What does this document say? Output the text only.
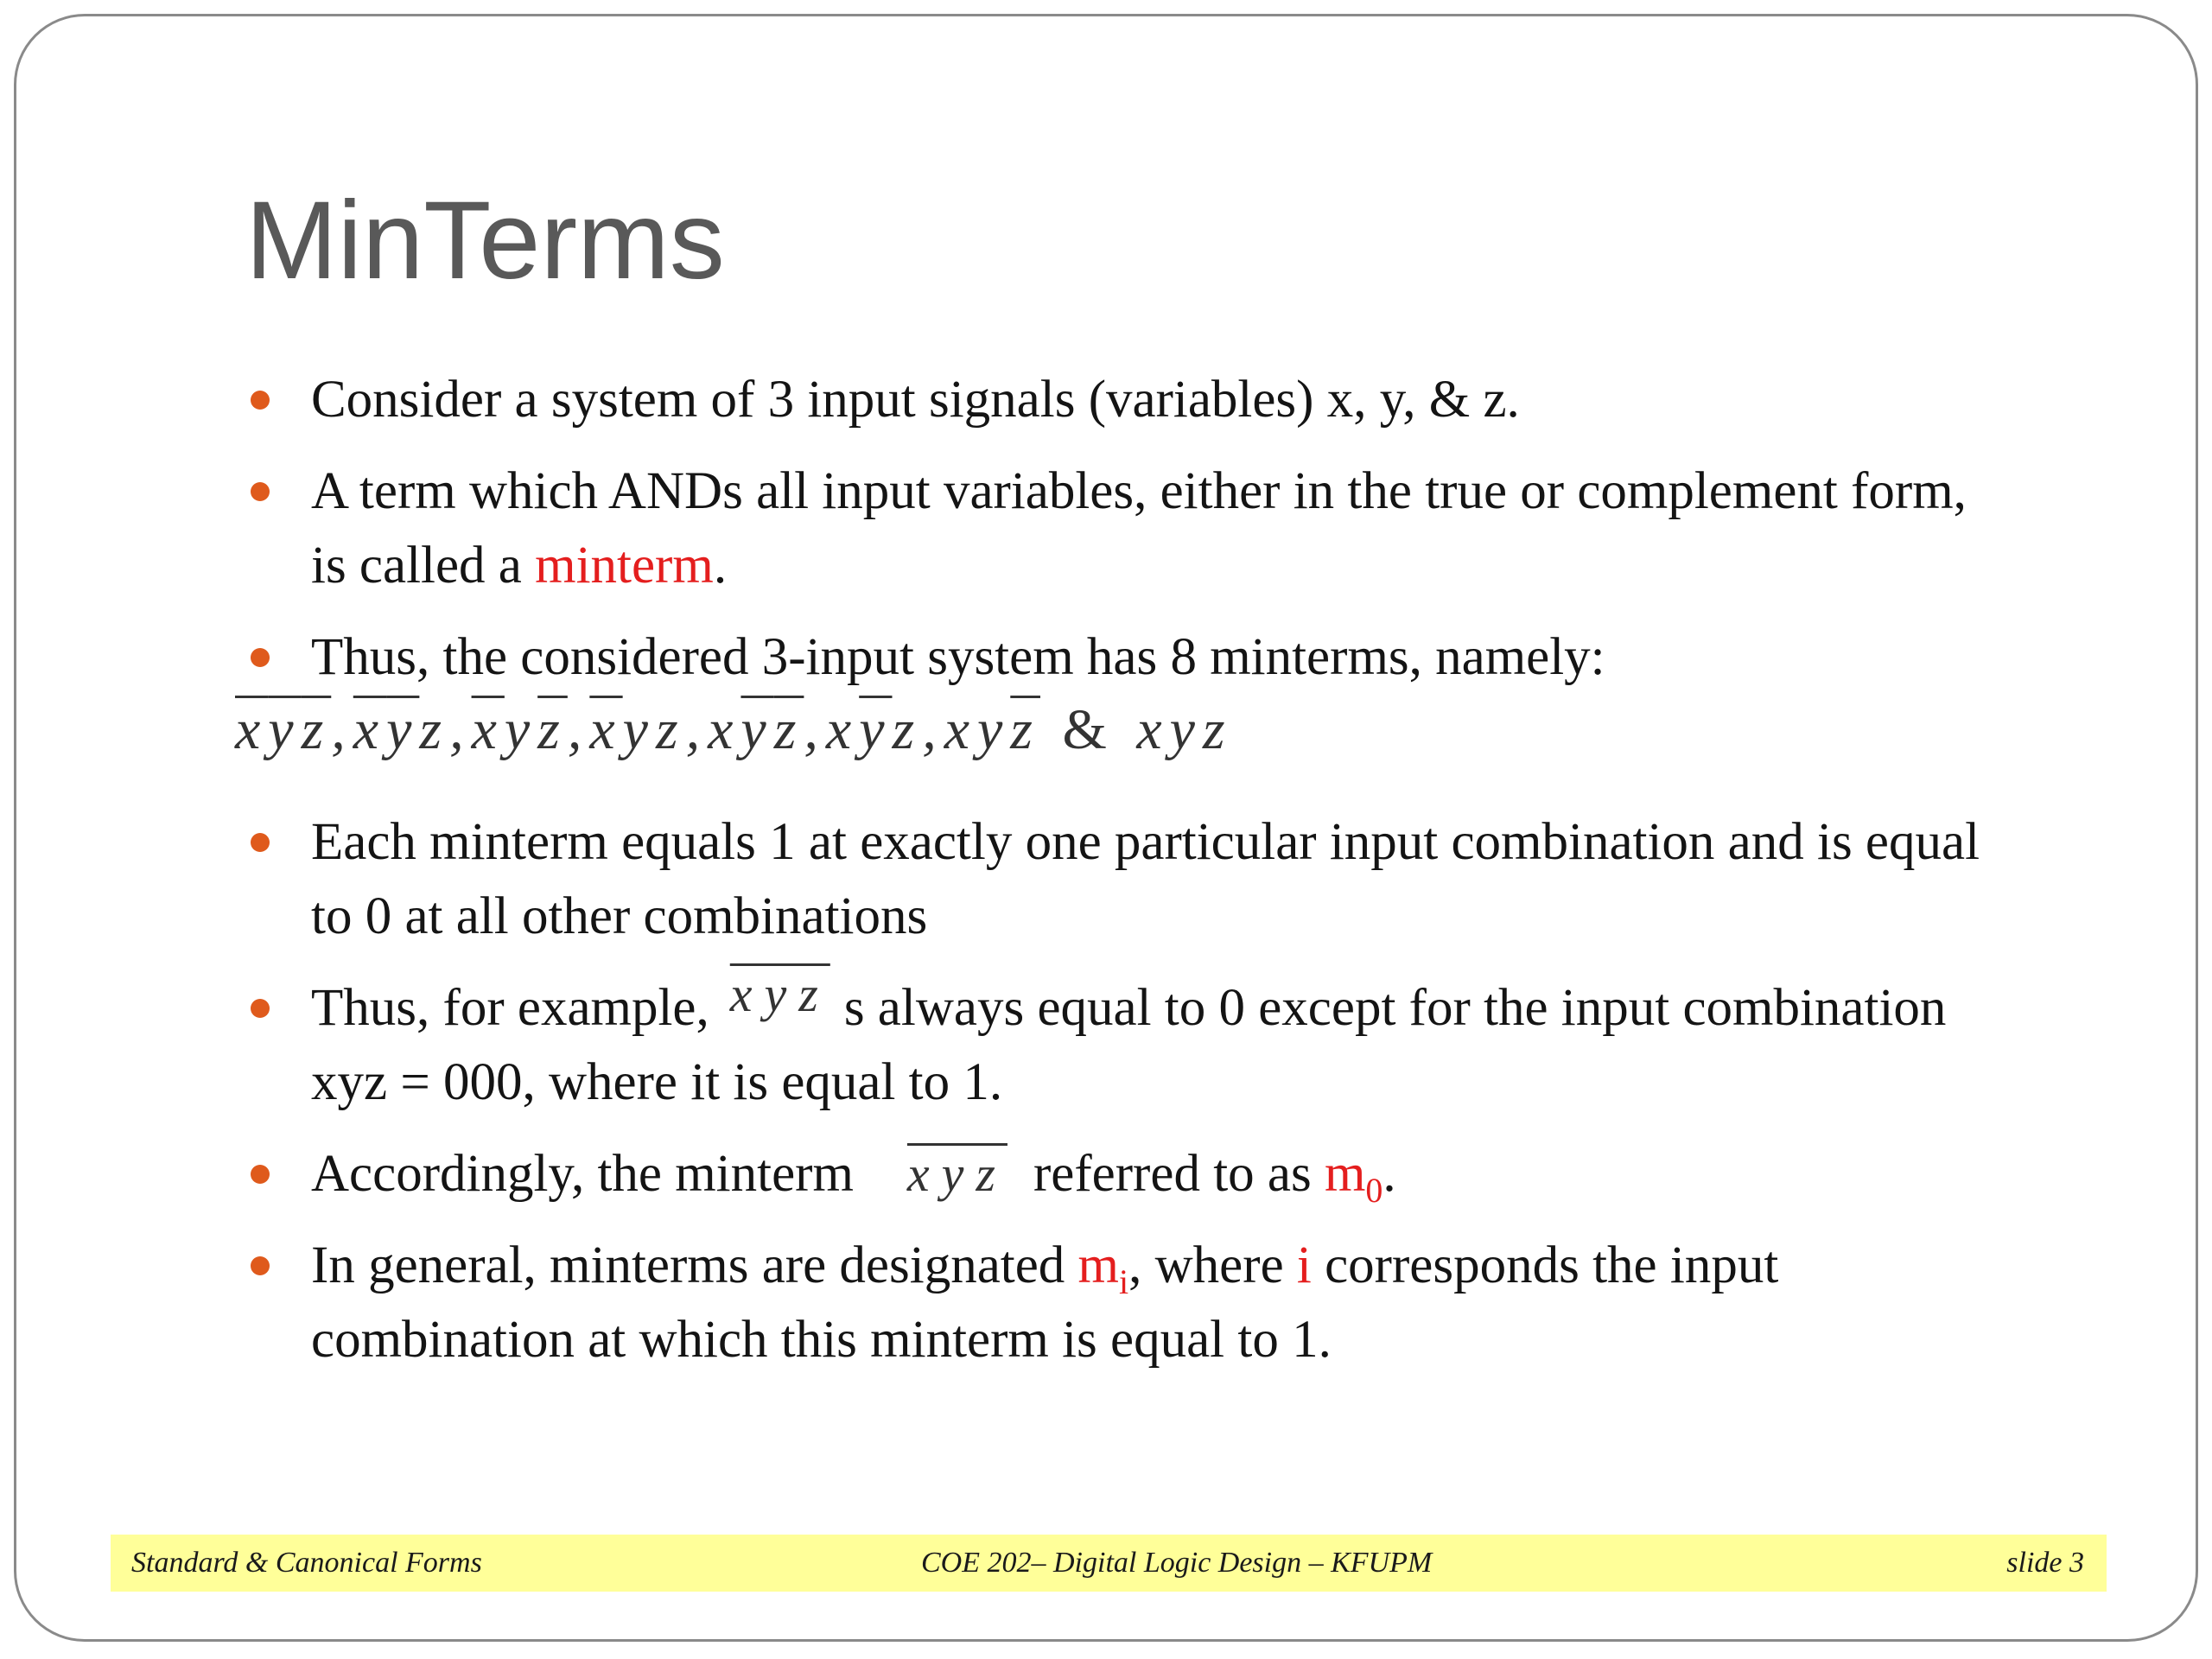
MinTerms
Consider a system of 3 input signals (variables) x, y, & z.
A term which ANDs all input variables, either in the true or complement form,
is called a minterm.
Thus, the considered 3-input system has 8 minterms, namely:
$\overline{x}\overline{y}\overline{z},\overline{x}\overline{y}z,\overline{x}y\overline{z},\overline{x}yz,x\overline{y}\overline{z},x\overline{y}z,xy\overline{z}$ & xyz
Each minterm equals 1 at exactly one particular input combination and is equal
to 0 at all other combinations
Thus, for example, $\overline{xyz}$ s always equal to 0 except for the input combination
xyz = 000, where it is equal to 1.
Accordingly, the minterm $\overline{xyz}$ referred to as $m_0$.
In general, minterms are designated $m_i$, where i corresponds the input
combination at which this minterm is equal to 1.
Standard & Canonical Forms	COE 202– Digital Logic Design – KFUPM	slide 3
